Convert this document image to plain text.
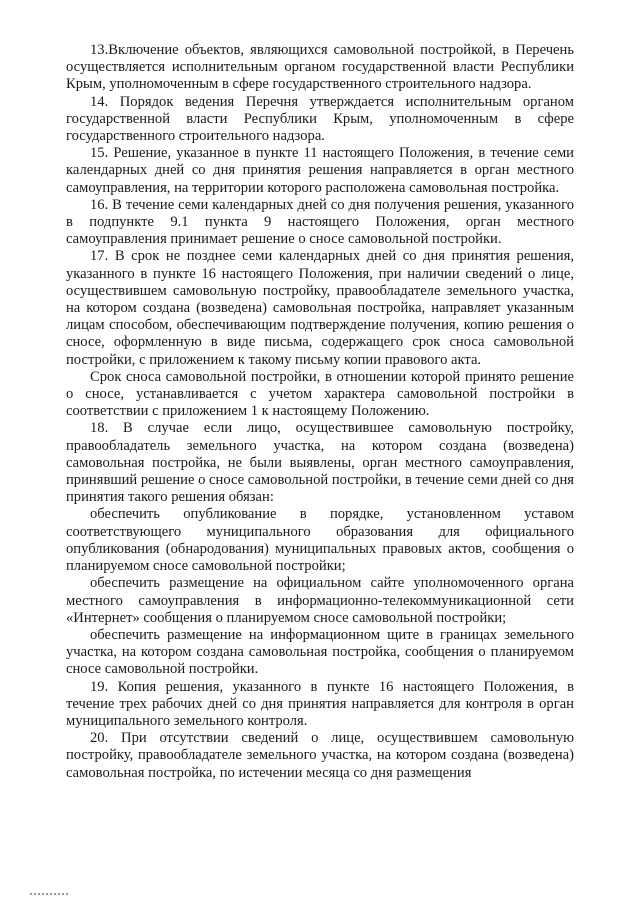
13.Включение объектов, являющихся самовольной постройкой, в Перечень осуществляется исполнительным органом государственной власти Республики Крым, уполномоченным в сфере государственного строительного надзора.

14. Порядок ведения Перечня утверждается исполнительным органом государственной власти Республики Крым, уполномоченным в сфере государственного строительного надзора.

15. Решение, указанное в пункте 11 настоящего Положения, в течение семи календарных дней со дня принятия решения направляется в орган местного самоуправления, на территории которого расположена самовольная постройка.

16. В течение семи календарных дней со дня получения решения, указанного в подпункте 9.1 пункта 9 настоящего Положения, орган местного самоуправления принимает решение о сносе самовольной постройки.

17. В срок не позднее семи календарных дней со дня принятия решения, указанного в пункте 16 настоящего Положения, при наличии сведений о лице, осуществившем самовольную постройку, правообладателе земельного участка, на котором создана (возведена) самовольная постройка, направляет указанным лицам способом, обеспечивающим подтверждение получения, копию решения о сносе, оформленную в виде письма, содержащего срок сноса самовольной постройки, с приложением к такому письму копии правового акта.

Срок сноса самовольной постройки, в отношении которой принято решение о сносе, устанавливается с учетом характера самовольной постройки в соответствии с приложением 1 к настоящему Положению.

18. В случае если лицо, осуществившее самовольную постройку, правообладатель земельного участка, на котором создана (возведена) самовольная постройка, не были выявлены, орган местного самоуправления, принявший решение о сносе самовольной постройки, в течение семи дней со дня принятия такого решения обязан:

обеспечить опубликование в порядке, установленном уставом соответствующего муниципального образования для официального опубликования (обнародования) муниципальных правовых актов, сообщения о планируемом сносе самовольной постройки;

обеспечить размещение на официальном сайте уполномоченного органа местного самоуправления в информационно-телекоммуникационной сети «Интернет» сообщения о планируемом сносе самовольной постройки;

обеспечить размещение на информационном щите в границах земельного участка, на котором создана самовольная постройка, сообщения о планируемом сносе самовольной постройки.

19. Копия решения, указанного в пункте 16 настоящего Положения, в течение трех рабочих дней со дня принятия направляется для контроля в орган муниципального земельного контроля.

20. При отсутствии сведений о лице, осуществившем самовольную постройку, правообладателе земельного участка, на котором создана (возведена) самовольная постройка, по истечении месяца со дня размещения
